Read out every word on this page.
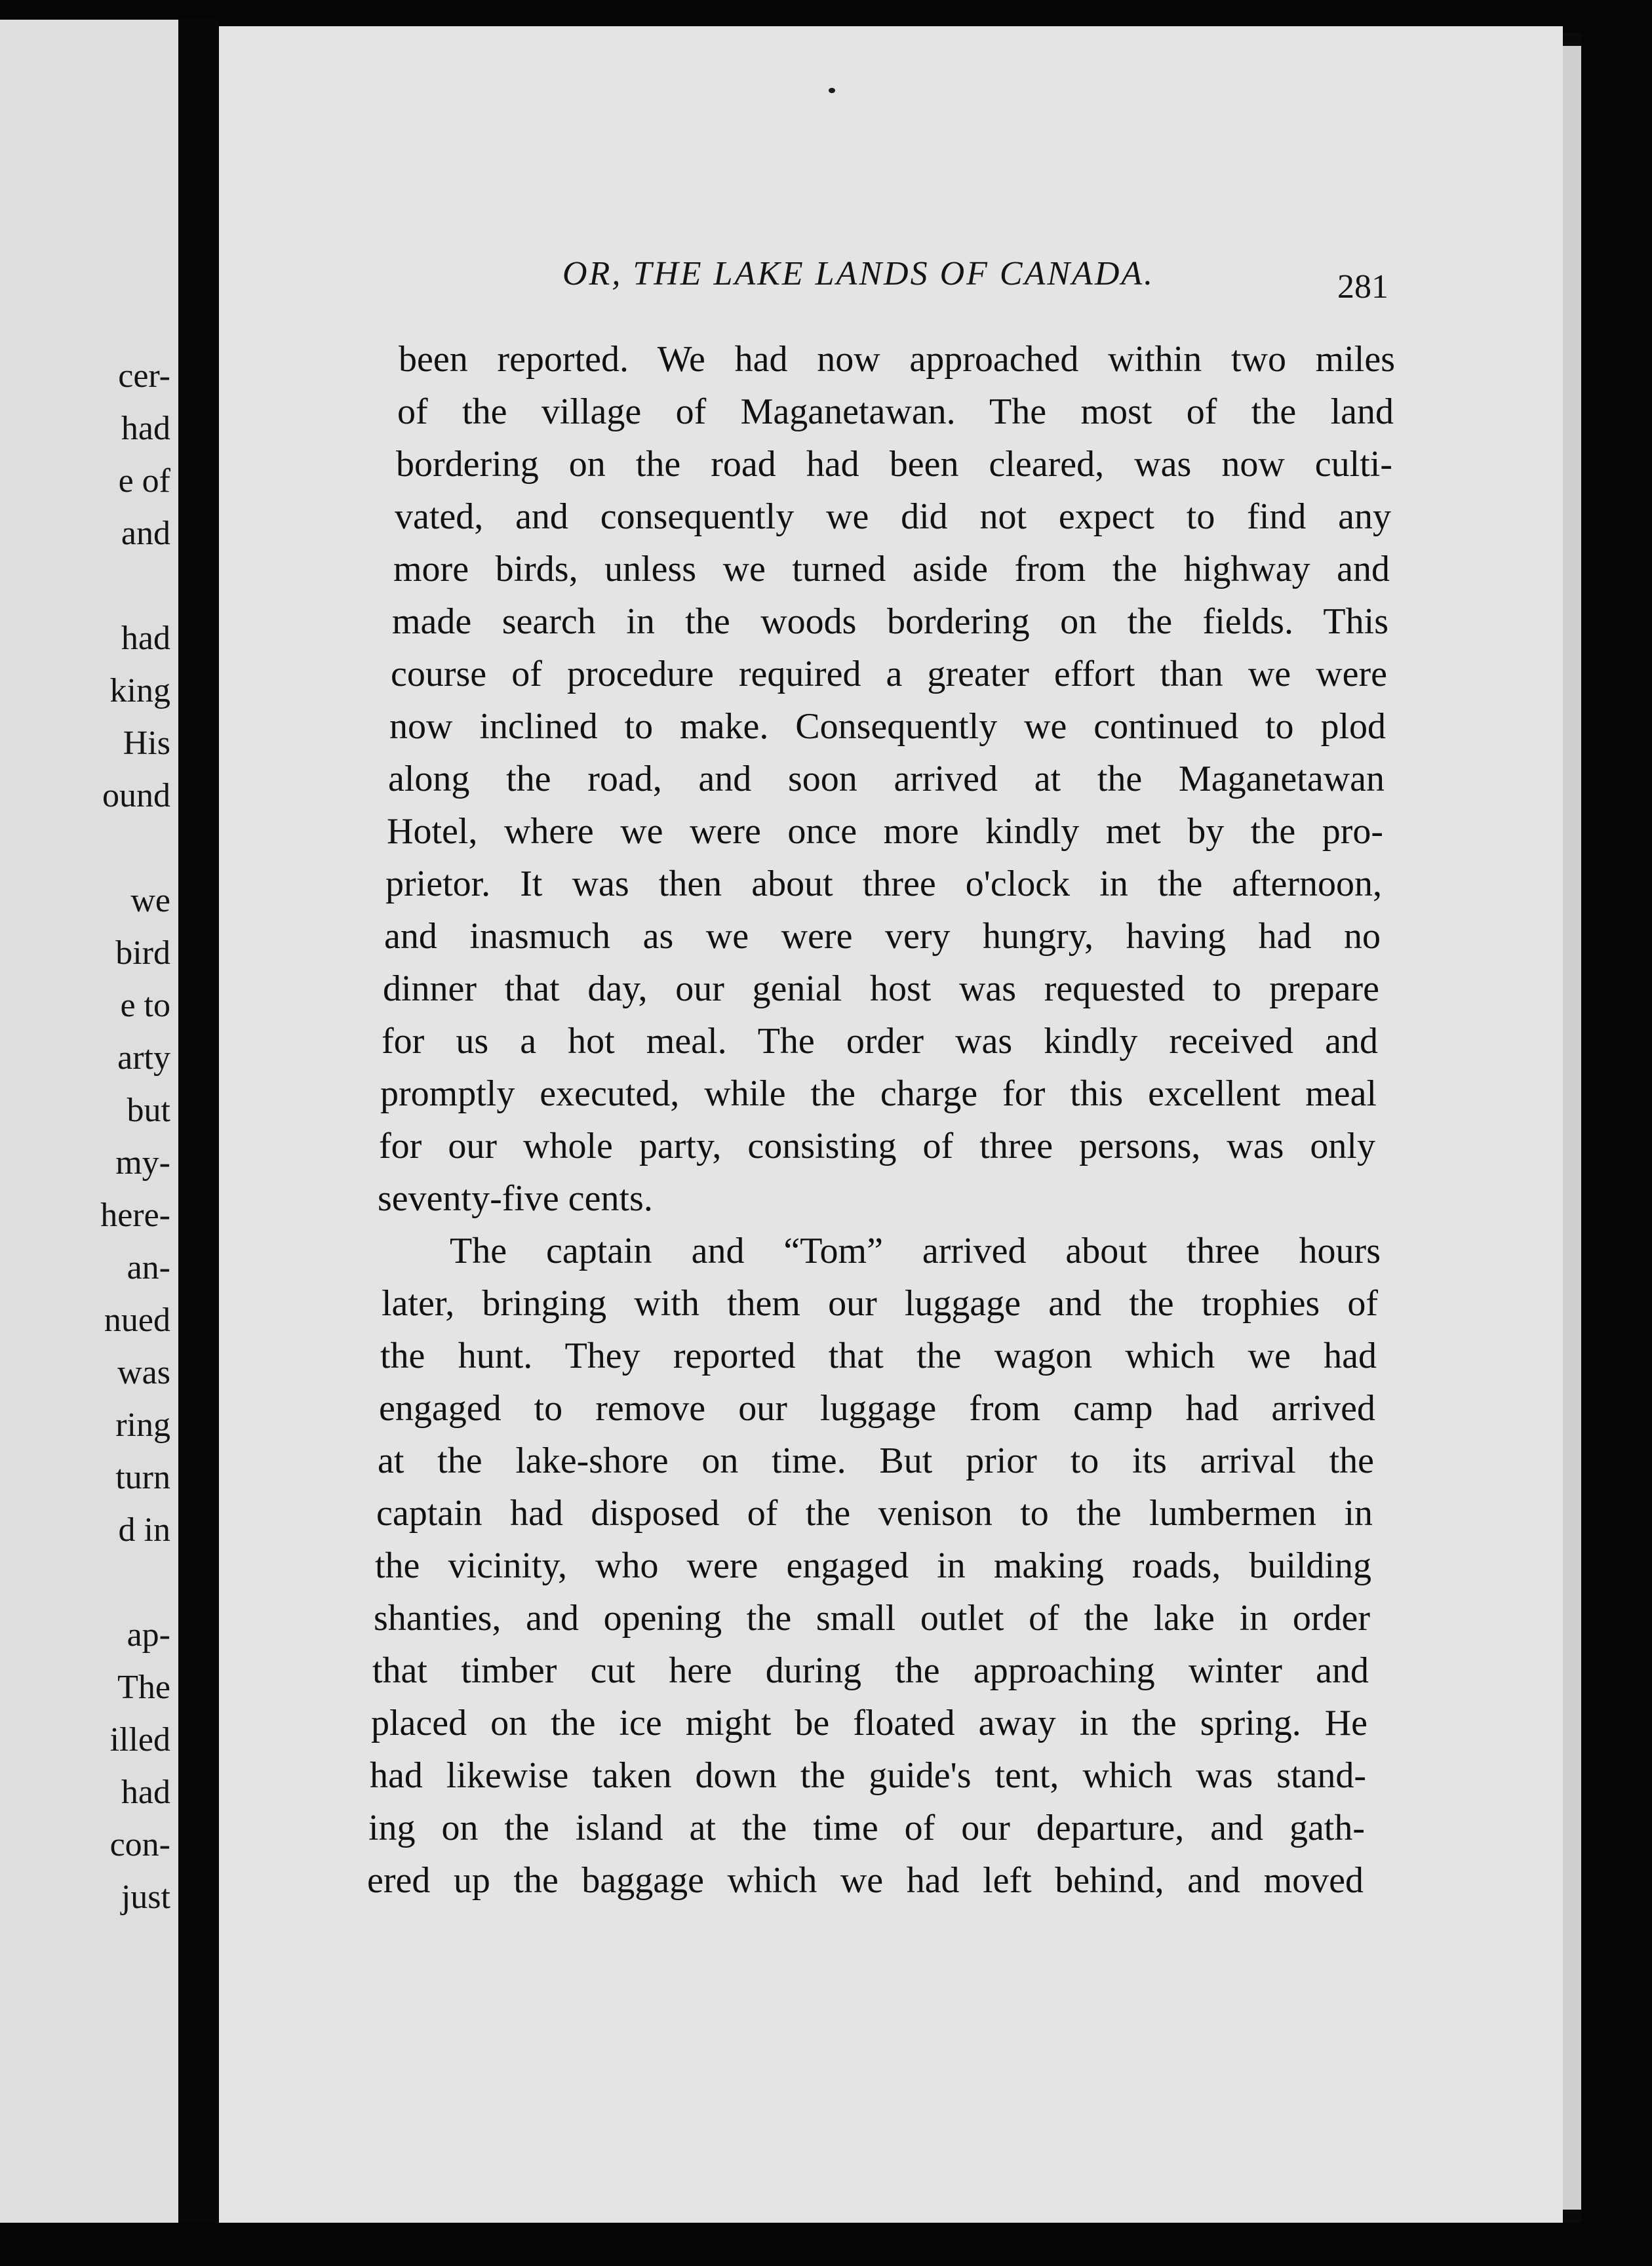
cer-
had
e of
and
had
king
His
ound
we
bird
e to
arty
but
my-
here-
an-
nued
was
ring
turn
d in
ap-
The
illed
had
con-
just
OR, THE LAKE LANDS OF CANADA.	281
been reported. We had now approached within two miles
of the village of Maganetawan. The most of the land
bordering on the road had been cleared, was now culti-
vated, and consequently we did not expect to find any
more birds, unless we turned aside from the highway and
made search in the woods bordering on the fields. This
course of procedure required a greater effort than we were
now inclined to make. Consequently we continued to plod
along the road, and soon arrived at the Maganetawan
Hotel, where we were once more kindly met by the pro-
prietor. It was then about three o'clock in the afternoon,
and inasmuch as we were very hungry, having had no
dinner that day, our genial host was requested to prepare
for us a hot meal. The order was kindly received and
promptly executed, while the charge for this excellent meal
for our whole party, consisting of three persons, was only
seventy-five cents.
The captain and “Tom” arrived about three hours
later, bringing with them our luggage and the trophies of
the hunt. They reported that the wagon which we had
engaged to remove our luggage from camp had arrived
at the lake-shore on time. But prior to its arrival the
captain had disposed of the venison to the lumbermen in
the vicinity, who were engaged in making roads, building
shanties, and opening the small outlet of the lake in order
that timber cut here during the approaching winter and
placed on the ice might be floated away in the spring. He
had likewise taken down the guide's tent, which was stand-
ing on the island at the time of our departure, and gath-
ered up the baggage which we had left behind, and moved
